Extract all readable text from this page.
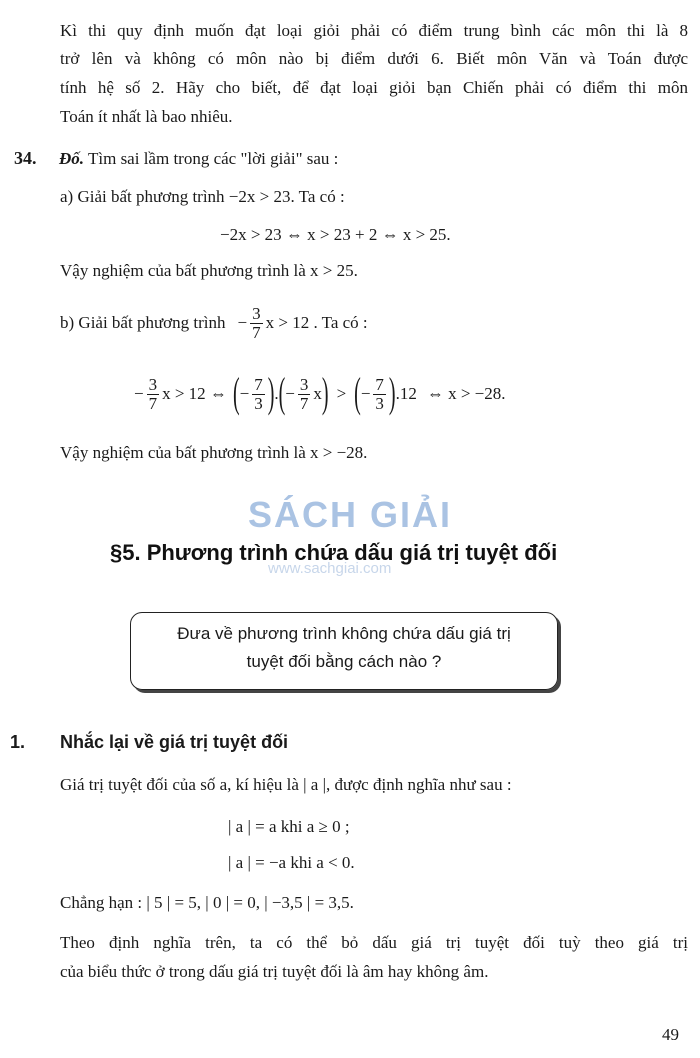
Kì thi quy định muốn đạt loại giỏi phải có điểm trung bình các môn thi là 8
trở lên và không có môn nào bị điểm dưới 6. Biết môn Văn và Toán được
tính hệ số 2. Hãy cho biết, để đạt loại giỏi bạn Chiến phải có điểm thi môn
Toán ít nhất là bao nhiêu.
34. Đố. Tìm sai lầm trong các "lời giải" sau :
a) Giải bất phương trình −2x > 23. Ta có :
−2x > 23 ⇔ x > 23 + 2 ⇔ x > 25.
Vậy nghiệm của bất phương trình là x > 25.
b) Giải bất phương trình − $\frac{3}{7}$ x > 12 . Ta có :
− $\frac{3}{7}$ x > 12 ⇔ ( − $\frac{7}{3}$ ) . ( − $\frac{3}{7}$ x ) > ( − $\frac{7}{3}$ ) .12 ⇔ x > −28.
Vậy nghiệm của bất phương trình là x > −28.
SÁCH GIẢI
www.sachgiai.com
§5. Phương trình chứa dấu giá trị tuyệt đối
Đưa về phương trình không chứa dấu giá trị
tuyệt đối bằng cách nào ?
1. Nhắc lại về giá trị tuyệt đối
Giá trị tuyệt đối của số a, kí hiệu là | a |, được định nghĩa như sau :
| a | = a khi a ≥ 0 ;
| a | = −a khi a < 0.
Chẳng hạn : | 5 | = 5, | 0 | = 0, | −3,5 | = 3,5.
Theo định nghĩa trên, ta có thể bỏ dấu giá trị tuyệt đối tuỳ theo giá trị
của biểu thức ở trong dấu giá trị tuyệt đối là âm hay không âm.
49
